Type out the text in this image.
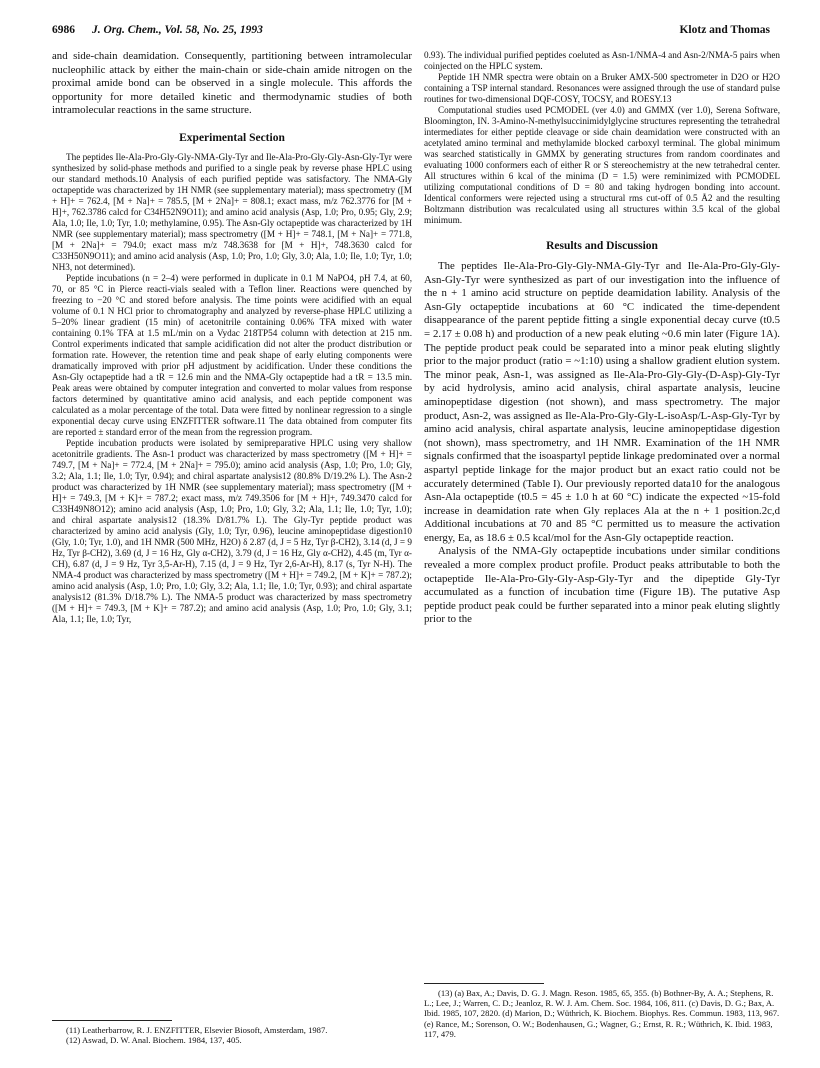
6986 J. Org. Chem., Vol. 58, No. 25, 1993	Klotz and Thomas

and side-chain deamidation. Consequently, partitioning between intramolecular nucleophilic attack by either the main-chain or side-chain amide nitrogen on the proximal amide bond can be observed in a single molecule. This affords the opportunity for more detailed kinetic and thermodynamic studies of both intramolecular reactions in the same structure.

Experimental Section

The peptides Ile-Ala-Pro-Gly-Gly-NMA-Gly-Tyr and Ile-Ala-Pro-Gly-Gly-Asn-Gly-Tyr were synthesized by solid-phase methods and purified to a single peak by reverse phase HPLC using our standard methods.10 Analysis of each purified peptide was satisfactory. The NMA-Gly octapeptide was characterized by 1H NMR (see supplementary material); mass spectrometry ([M + H]+ = 762.4, [M + Na]+ = 785.5, [M + 2Na]+ = 808.1; exact mass, m/z 762.3776 for [M + H]+, 762.3786 calcd for C34H52N9O11); and amino acid analysis (Asp, 1.0; Pro, 0.95; Gly, 2.9; Ala, 1.0; Ile, 1.0; Tyr, 1.0; methylamine, 0.95). The Asn-Gly octapeptide was characterized by 1H NMR (see supplementary material); mass spectrometry ([M + H]+ = 748.1, [M + Na]+ = 771.8, [M + 2Na]+ = 794.0; exact mass m/z 748.3638 for [M + H]+, 748.3630 calcd for C33H50N9O11); and amino acid analysis (Asp, 1.0; Pro, 1.0; Gly, 3.0; Ala, 1.0; Ile, 1.0; Tyr, 1.0; NH3, not determined).

Peptide incubations (n = 2–4) were performed in duplicate in 0.1 M NaPO4, pH 7.4, at 60, 70, or 85 °C in Pierce reacti-vials sealed with a Teflon liner. Reactions were quenched by freezing to −20 °C and stored before analysis. The time points were acidified with an equal volume of 0.1 N HCl prior to chromatography and analyzed by reverse-phase HPLC utilizing a 5–20% linear gradient (15 min) of acetonitrile containing 0.06% TFA mixed with water containing 0.1% TFA at 1.5 mL/min on a Vydac 218TP54 column with detection at 215 nm. Control experiments indicated that sample acidification did not alter the product distribution or formation rate. However, the retention time and peak shape of early eluting components were dramatically improved with prior pH adjustment by acidification. Under these conditions the Asn-Gly octapeptide had a tR = 12.6 min and the NMA-Gly octapeptide had a tR = 13.5 min. Peak areas were obtained by computer integration and converted to molar values from response factors determined by quantitative amino acid analysis, and each peptide component was calculated as a molar percentage of the total. Data were fitted by nonlinear regression to a single exponential decay curve using ENZFITTER software.11 The data obtained from computer fits are reported ± standard error of the mean from the regression program.

Peptide incubation products were isolated by semipreparative HPLC using very shallow acetonitrile gradients. The Asn-1 product was characterized by mass spectrometry ([M + H]+ = 749.7, [M + Na]+ = 772.4, [M + 2Na]+ = 795.0); amino acid analysis (Asp, 1.0; Pro, 1.0; Gly, 3.2; Ala, 1.1; Ile, 1.0; Tyr, 0.94); and chiral aspartate analysis12 (80.8% D/19.2% L). The Asn-2 product was characterized by 1H NMR (see supplementary material); mass spectrometry ([M + H]+ = 749.3, [M + K]+ = 787.2; exact mass, m/z 749.3506 for [M + H]+, 749.3470 calcd for C33H49N8O12); amino acid analysis (Asp, 1.0; Pro, 1.0; Gly, 3.2; Ala, 1.1; Ile, 1.0; Tyr, 1.0); and chiral aspartate analysis12 (18.3% D/81.7% L). The Gly-Tyr peptide product was characterized by amino acid analysis (Gly, 1.0; Tyr, 0.96), leucine aminopeptidase digestion10 (Gly, 1.0; Tyr, 1.0), and 1H NMR (500 MHz, H2O) δ 2.87 (d, J = 5 Hz, Tyr β-CH2), 3.14 (d, J = 9 Hz, Tyr β-CH2), 3.69 (d, J = 16 Hz, Gly α-CH2), 3.79 (d, J = 16 Hz, Gly α-CH2), 4.45 (m, Tyr α-CH), 6.87 (d, J = 9 Hz, Tyr 3,5-Ar-H), 7.15 (d, J = 9 Hz, Tyr 2,6-Ar-H), 8.17 (s, Tyr N-H). The NMA-4 product was characterized by mass spectrometry ([M + H]+ = 749.2, [M + K]+ = 787.2); amino acid analysis (Asp, 1.0; Pro, 1.0; Gly, 3.2; Ala, 1.1; Ile, 1.0; Tyr, 0.93); and chiral aspartate analysis12 (81.3% D/18.7% L). The NMA-5 product was characterized by mass spectrometry ([M + H]+ = 749.3, [M + K]+ = 787.2); and amino acid analysis (Asp, 1.0; Pro, 1.0; Gly, 3.1; Ala, 1.1; Ile, 1.0; Tyr,

(11) Leatherbarrow, R. J. ENZFITTER, Elsevier Biosoft, Amsterdam, 1987.

(12) Aswad, D. W. Anal. Biochem. 1984, 137, 405.

0.93). The individual purified peptides coeluted as Asn-1/NMA-4 and Asn-2/NMA-5 pairs when coinjected on the HPLC system.

Peptide 1H NMR spectra were obtain on a Bruker AMX-500 spectrometer in D2O or H2O containing a TSP internal standard. Resonances were assigned through the use of standard pulse routines for two-dimensional DQF-COSY, TOCSY, and ROESY.13

Computational studies used PCMODEL (ver 4.0) and GMMX (ver 1.0), Serena Software, Bloomington, IN. 3-Amino-N-methylsuccinimidylglycine structures representing the tetrahedral intermediates for either peptide cleavage or side chain deamidation were constructed with an acetylated amino terminal and methylamide blocked carboxyl terminal. The global minimum was searched statistically in GMMX by generating structures from random coordinates and evaluating 1000 conformers each of either R or S stereochemistry at the new tetrahedral center. All structures within 6 kcal of the minima (D = 1.5) were reminimized with PCMODEL utilizing computational conditions of D = 80 and taking hydrogen bonding into account. Identical conformers were rejected using a structural rms cut-off of 0.5 Å2 and the resulting Boltzmann distribution was recalculated using all structures within 3.5 kcal of the global minimum.

Results and Discussion

The peptides Ile-Ala-Pro-Gly-Gly-NMA-Gly-Tyr and Ile-Ala-Pro-Gly-Gly-Asn-Gly-Tyr were synthesized as part of our investigation into the influence of the n + 1 amino acid structure on peptide deamidation lability. Analysis of the Asn-Gly octapeptide incubations at 60 °C indicated the time-dependent disappearance of the parent peptide fitting a single exponential decay curve (t0.5 = 2.17 ± 0.08 h) and production of a new peak eluting ~0.6 min later (Figure 1A). The peptide product peak could be separated into a minor peak eluting slightly prior to the major product (ratio = ~1:10) using a shallow gradient elution system. The minor peak, Asn-1, was assigned as Ile-Ala-Pro-Gly-Gly-(D-Asp)-Gly-Tyr by acid hydrolysis, amino acid analysis, chiral aspartate analysis, leucine aminopeptidase digestion (not shown), and mass spectrometry. The major product, Asn-2, was assigned as Ile-Ala-Pro-Gly-Gly-L-isoAsp/L-Asp-Gly-Tyr by amino acid analysis, chiral aspartate analysis, leucine aminopeptidase digestion (not shown), mass spectrometry, and 1H NMR. Examination of the 1H NMR signals confirmed that the isoaspartyl peptide linkage predominated over a normal aspartyl peptide linkage for the major product but an exact ratio could not be accurately determined (Table I). Our previously reported data10 for the analogous Asn-Ala octapeptide (t0.5 = 45 ± 1.0 h at 60 °C) indicate the expected ~15-fold increase in deamidation rate when Gly replaces Ala at the n + 1 position.2c,d Additional incubations at 70 and 85 °C permitted us to measure the activation energy, Ea, as 18.6 ± 0.5 kcal/mol for the Asn-Gly octapeptide reaction.

Analysis of the NMA-Gly octapeptide incubations under similar conditions revealed a more complex product profile. Product peaks attributable to both the octapeptide Ile-Ala-Pro-Gly-Gly-Asp-Gly-Tyr and the dipeptide Gly-Tyr accumulated as a function of incubation time (Figure 1B). The putative Asp peptide product peak could be further separated into a minor peak eluting slightly prior to the

(13) (a) Bax, A.; Davis, D. G. J. Magn. Reson. 1985, 65, 355. (b) Bothner-By, A. A.; Stephens, R. L.; Lee, J.; Warren, C. D.; Jeanloz, R. W. J. Am. Chem. Soc. 1984, 106, 811. (c) Davis, D. G.; Bax, A. Ibid. 1985, 107, 2820. (d) Marion, D.; Wüthrich, K. Biochem. Biophys. Res. Commun. 1983, 113, 967. (e) Rance, M.; Sorenson, O. W.; Bodenhausen, G.; Wagner, G.; Ernst, R. R.; Wüthrich, K. Ibid. 1983, 117, 479.
